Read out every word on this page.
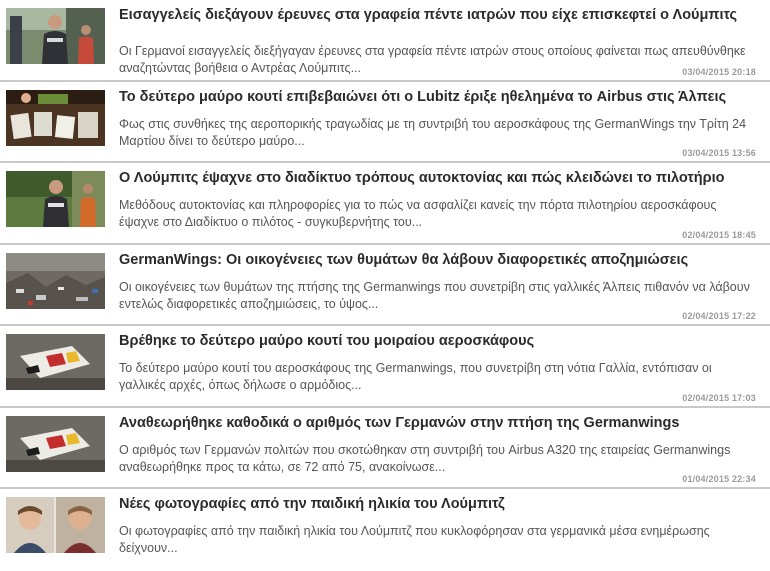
Εισαγγελείς διεξάγουν έρευνες στα γραφεία πέντε ιατρών που είχε επισκεφτεί ο Λούμπιτς

Οι Γερμανοί εισαγγελείς διεξήγαγαν έρευνες στα γραφεία πέντε ιατρών στους οποίους φαίνεται πως απευθύνθηκε αναζητώντας βοήθεια ο Αντρέας Λούμπιτς...	03/04/2015 20:18
Το δεύτερο μαύρο κουτί επιβεβαιώνει ότι ο Lubitz έριξε ηθελημένα το Airbus στις Άλπεις

Φως στις συνθήκες της αεροπορικής τραγωδίας με τη συντριβή του αεροσκάφους της GermanWings την Τρίτη 24 Μαρτίου δίνει το δεύτερο μαύρο...

03/04/2015 13:56
Ο Λούμπιτς έψαχνε στο διαδίκτυο τρόπους αυτοκτονίας και πώς κλειδώνει το πιλοτήριο

Μεθόδους αυτοκτονίας και πληροφορίες για το πώς να ασφαλίζει κανείς την πόρτα πιλοτηρίου αεροσκάφους έψαχνε στο Διαδίκτυο ο πιλότος - συγκυβερνήτης του...

02/04/2015 18:45
GermanWings: Οι οικογένειες των θυμάτων θα λάβουν διαφορετικές αποζημιώσεις

Οι οικογένειες των θυμάτων της πτήσης της Germanwings που συνετρίβη στις γαλλικές Άλπεις πιθανόν να λάβουν εντελώς διαφορετικές αποζημιώσεις, το ύψος...

02/04/2015 17:22
Βρέθηκε το δεύτερο μαύρο κουτί του μοιραίου αεροσκάφους

Το δεύτερο μαύρο κουτί του αεροσκάφους της Germanwings, που συνετρίβη στη νότια Γαλλία, εντόπισαν οι γαλλικές αρχές, όπως δήλωσε ο αρμόδιος...

02/04/2015 17:03
Αναθεωρήθηκε καθοδικά ο αριθμός των Γερμανών στην πτήση της Germanwings

Ο αριθμός των Γερμανών πολιτών που σκοτώθηκαν στη συντριβή του Airbus A320 της εταιρείας Germanwings αναθεωρήθηκε προς τα κάτω, σε 72 από 75, ανακοίνωσε...

01/04/2015 22:34
Νέες φωτογραφίες από την παιδική ηλικία του Λούμπιτζ

Οι φωτογραφίες από την παιδική ηλικία του Λούμπιτζ που κυκλοφόρησαν στα γερμανικά μέσα ενημέρωσης δείχνουν...
